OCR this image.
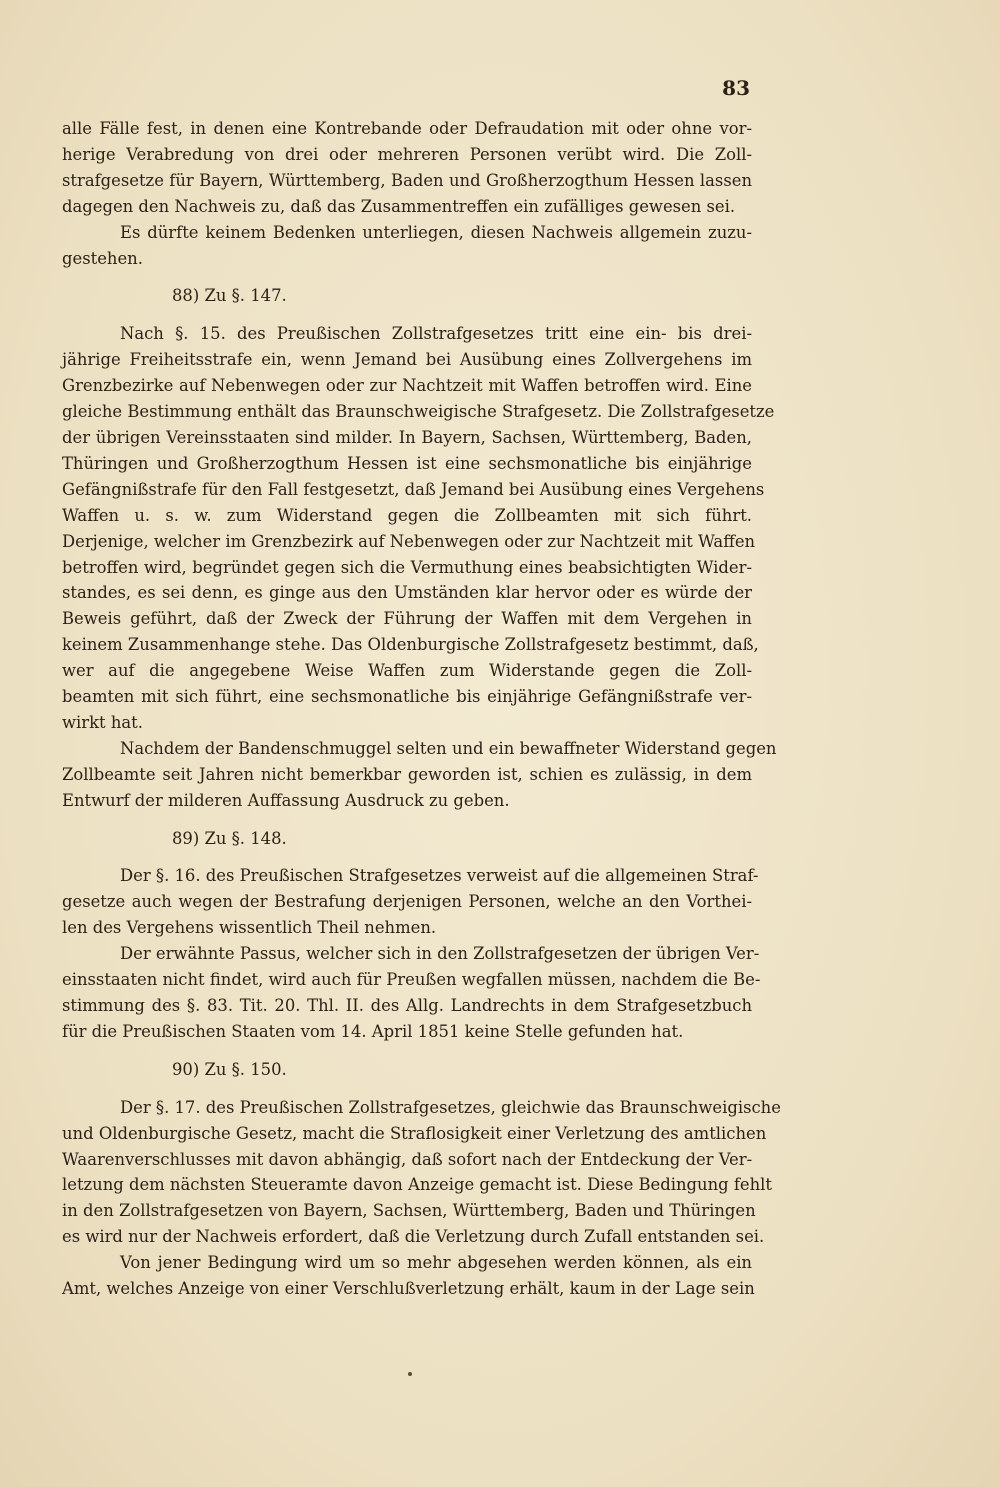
83
alle Fälle fest, in denen eine Kontrebande oder Defraudation mit oder ohne vor-
herige Verabredung von drei oder mehreren Personen verübt wird. Die Zoll-
strafgesetze für Bayern, Württemberg, Baden und Großherzogthum Hessen lassen
dagegen den Nachweis zu, daß das Zusammentreffen ein zufälliges gewesen sei.
Es dürfte keinem Bedenken unterliegen, diesen Nachweis allgemein zuzu-
gestehen.
88) Zu §. 147.
Nach §. 15. des Preußischen Zollstrafgesetzes tritt eine ein- bis drei-
jährige Freiheitsstrafe ein, wenn Jemand bei Ausübung eines Zollvergehens im
Grenzbezirke auf Nebenwegen oder zur Nachtzeit mit Waffen betroffen wird. Eine
gleiche Bestimmung enthält das Braunschweigische Strafgesetz. Die Zollstrafgesetze
der übrigen Vereinsstaaten sind milder. In Bayern, Sachsen, Württemberg, Baden,
Thüringen und Großherzogthum Hessen ist eine sechsmonatliche bis einjährige
Gefängnißstrafe für den Fall festgesetzt, daß Jemand bei Ausübung eines Vergehens
Waffen u. s. w. zum Widerstand gegen die Zollbeamten mit sich führt.
Derjenige, welcher im Grenzbezirk auf Nebenwegen oder zur Nachtzeit mit Waffen
betroffen wird, begründet gegen sich die Vermuthung eines beabsichtigten Wider-
standes, es sei denn, es ginge aus den Umständen klar hervor oder es würde der
Beweis geführt, daß der Zweck der Führung der Waffen mit dem Vergehen in
keinem Zusammenhange stehe. Das Oldenburgische Zollstrafgesetz bestimmt, daß,
wer auf die angegebene Weise Waffen zum Widerstande gegen die Zoll-
beamten mit sich führt, eine sechsmonatliche bis einjährige Gefängnißstrafe ver-
wirkt hat.
Nachdem der Bandenschmuggel selten und ein bewaffneter Widerstand gegen
Zollbeamte seit Jahren nicht bemerkbar geworden ist, schien es zulässig, in dem
Entwurf der milderen Auffassung Ausdruck zu geben.
89) Zu §. 148.
Der §. 16. des Preußischen Strafgesetzes verweist auf die allgemeinen Straf-
gesetze auch wegen der Bestrafung derjenigen Personen, welche an den Vorthei-
len des Vergehens wissentlich Theil nehmen.
Der erwähnte Passus, welcher sich in den Zollstrafgesetzen der übrigen Ver-
einsstaaten nicht findet, wird auch für Preußen wegfallen müssen, nachdem die Be-
stimmung des §. 83. Tit. 20. Thl. II. des Allg. Landrechts in dem Strafgesetzbuch
für die Preußischen Staaten vom 14. April 1851 keine Stelle gefunden hat.
90) Zu §. 150.
Der §. 17. des Preußischen Zollstrafgesetzes, gleichwie das Braunschweigische
und Oldenburgische Gesetz, macht die Straflosigkeit einer Verletzung des amtlichen
Waarenverschlusses mit davon abhängig, daß sofort nach der Entdeckung der Ver-
letzung dem nächsten Steueramte davon Anzeige gemacht ist. Diese Bedingung fehlt
in den Zollstrafgesetzen von Bayern, Sachsen, Württemberg, Baden und Thüringen
es wird nur der Nachweis erfordert, daß die Verletzung durch Zufall entstanden sei.
Von jener Bedingung wird um so mehr abgesehen werden können, als ein
Amt, welches Anzeige von einer Verschlußverletzung erhält, kaum in der Lage sein
